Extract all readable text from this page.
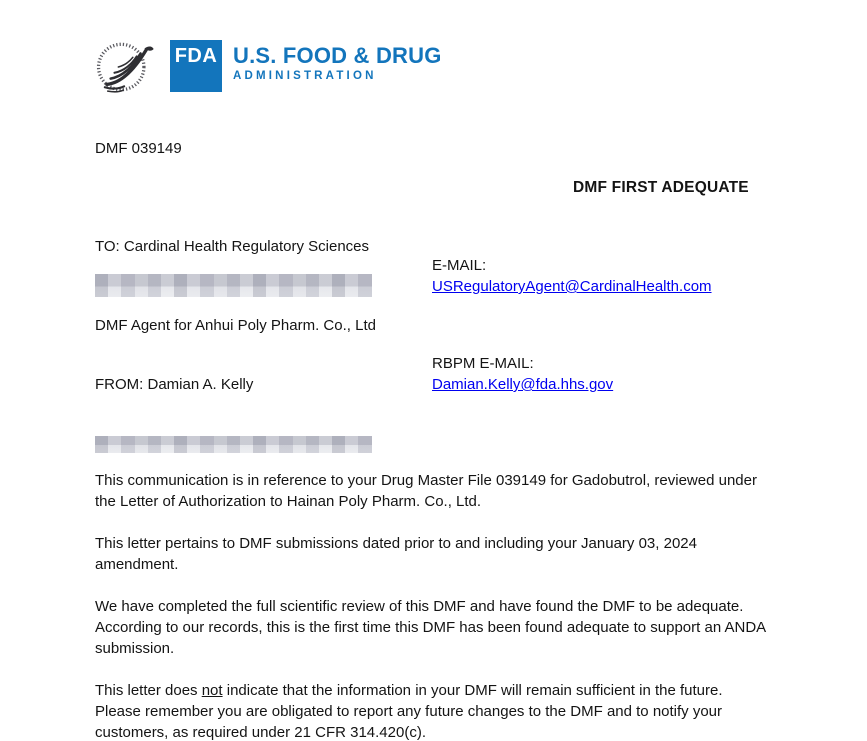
FDA U.S. FOOD & DRUG
ADMINISTRATION
DMF 039149
DMF FIRST ADEQUATE
TO: Cardinal Health Regulatory Sciences
E-MAIL:
USRegulatoryAgent@CardinalHealth.com
DMF Agent for Anhui Poly Pharm. Co., Ltd
RBPM E-MAIL:
Damian.Kelly@fda.hhs.gov
FROM: Damian A. Kelly

This communication is in reference to your Drug Master File 039149 for Gadobutrol, reviewed under the Letter of Authorization to Hainan Poly Pharm. Co., Ltd.

This letter pertains to DMF submissions dated prior to and including your January 03, 2024 amendment.

We have completed the full scientific review of this DMF and have found the DMF to be adequate. According to our records, this is the first time this DMF has been found adequate to support an ANDA submission.

This letter does not indicate that the information in your DMF will remain sufficient in the future. Please remember you are obligated to report any future changes to the DMF and to notify your customers, as required under 21 CFR 314.420(c).
